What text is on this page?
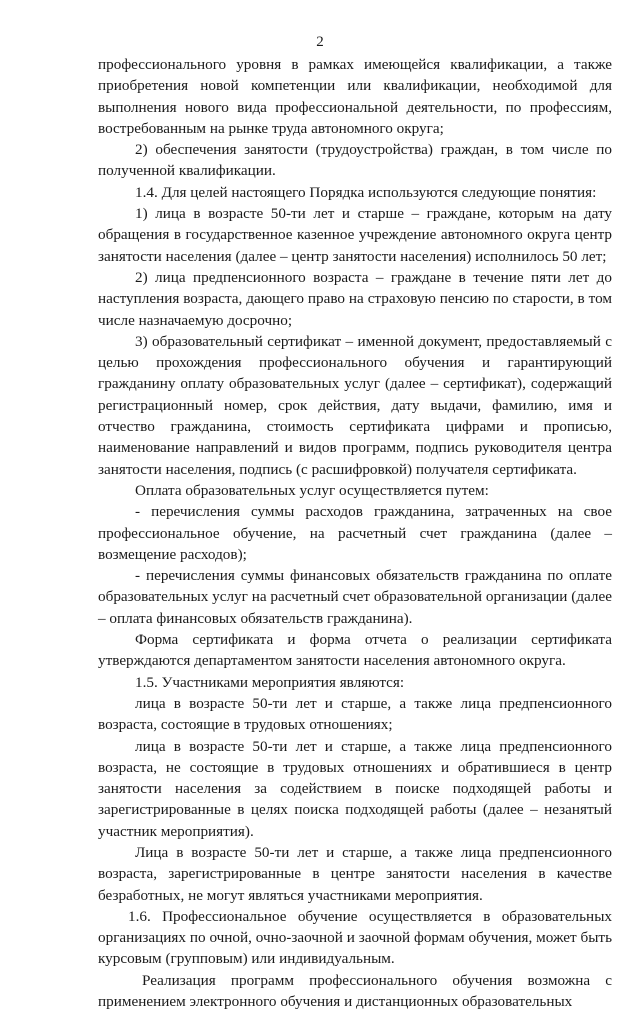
2

профессионального уровня в рамках имеющейся квалификации, а также приобретения новой компетенции или квалификации, необходимой для выполнения нового вида профессиональной деятельности, по профессиям, востребованным на рынке труда автономного округа;

2) обеспечения занятости (трудоустройства) граждан, в том числе по полученной квалификации.

1.4. Для целей настоящего Порядка используются следующие понятия:

1) лица в возрасте 50-ти лет и старше – граждане, которым на дату обращения в государственное казенное учреждение автономного округа центр занятости населения (далее – центр занятости населения) исполнилось 50 лет;

2) лица предпенсионного возраста – граждане в течение пяти лет до наступления возраста, дающего право на страховую пенсию по старости, в том числе назначаемую досрочно;

3) образовательный сертификат – именной документ, предоставляемый с целью прохождения профессионального обучения и гарантирующий гражданину оплату образовательных услуг (далее – сертификат), содержащий регистрационный номер, срок действия, дату выдачи, фамилию, имя и отчество гражданина, стоимость сертификата цифрами и прописью, наименование направлений и видов программ, подпись руководителя центра занятости населения, подпись (с расшифровкой) получателя сертификата.

Оплата образовательных услуг осуществляется путем:

- перечисления суммы расходов гражданина, затраченных на свое профессиональное обучение, на расчетный счет гражданина (далее – возмещение расходов);

- перечисления суммы финансовых обязательств гражданина по оплате образовательных услуг на расчетный счет образовательной организации (далее – оплата финансовых обязательств гражданина).

Форма сертификата и форма отчета о реализации сертификата утверждаются департаментом занятости населения автономного округа.

1.5. Участниками мероприятия являются:

лица в возрасте 50-ти лет и старше, а также лица предпенсионного возраста, состоящие в трудовых отношениях;

лица в возрасте 50-ти лет и старше, а также лица предпенсионного возраста, не состоящие в трудовых отношениях и обратившиеся в центр занятости населения за содействием в поиске подходящей работы и зарегистрированные в целях поиска подходящей работы (далее – незанятый участник мероприятия).

Лица в возрасте 50-ти лет и старше, а также лица предпенсионного возраста, зарегистрированные в центре занятости населения в качестве безработных, не могут являться участниками мероприятия.

1.6. Профессиональное обучение осуществляется в образовательных организациях по очной, очно-заочной и заочной формам обучения, может быть курсовым (групповым) или индивидуальным.

Реализация программ профессионального обучения возможна с применением электронного обучения и дистанционных образовательных
